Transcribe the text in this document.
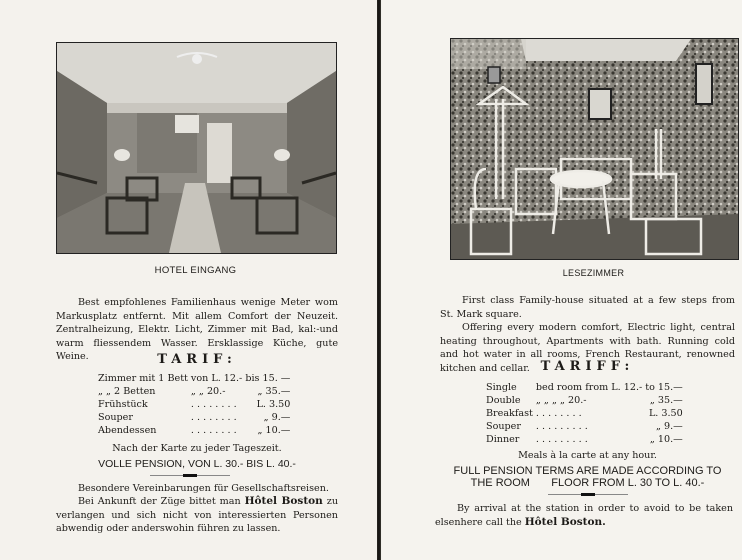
HOTEL EINGANG
Best empfohlenes Familienhaus wenige Meter wom Markusplatz entfernt. Mit allem Comfort der Neuzeit. Zentralheizung, Elektr. Licht, Zimmer mit Bad, kal:-und warm fliessendem Wasser. Ersklassige Küche, gute Weine.	TARIF:
Zimmer mit 1 Bett	von L. 12.-	bis 15. —
„ „ 2 Betten	„ „ 20.-	„ 35.—
Frühstück	. . . . . . . .	L. 3.50
Souper	. . . . . . . .	„ 9.—
Abendessen	. . . . . . . .	„ 10.—
Nach der Karte zu jeder Tageszeit.
VOLLE PENSION, VON L. 30.- BIS L. 40.-
Besondere Vereinbarungen für Gesellschaftsreisen.
Bei Ankunft der Züge bittet man Hôtel Boston zu verlangen und sich nicht von interessierten Personen abwendig oder anderswohin führen zu lassen.
LESEZIMMER
First class Family-house situated at a few steps from St. Mark square.
Offering every modern comfort, Electric light, central heating throughout, Apartments with bath. Running cold and hot water in all rooms, French Restaurant, renowned kitchen and cellar. TARIFF:
Single	bed room from L. 12.-	to 15.—
Double	„ „ „ „ 20.-	„ 35.—
Breakfast	. . . . . . . .	L. 3.50
Souper	. . . . . . . . .	„ 9.—
Dinner	. . . . . . . . .	„ 10.—
Meals à la carte at any hour.
FULL PENSION TERMS ARE MADE ACCORDING TO
THE ROOM       FLOOR FROM L. 30 TO L. 40.-
By arrival at the station in order to avoid to be taken elsenhere call the Hôtel Boston.
